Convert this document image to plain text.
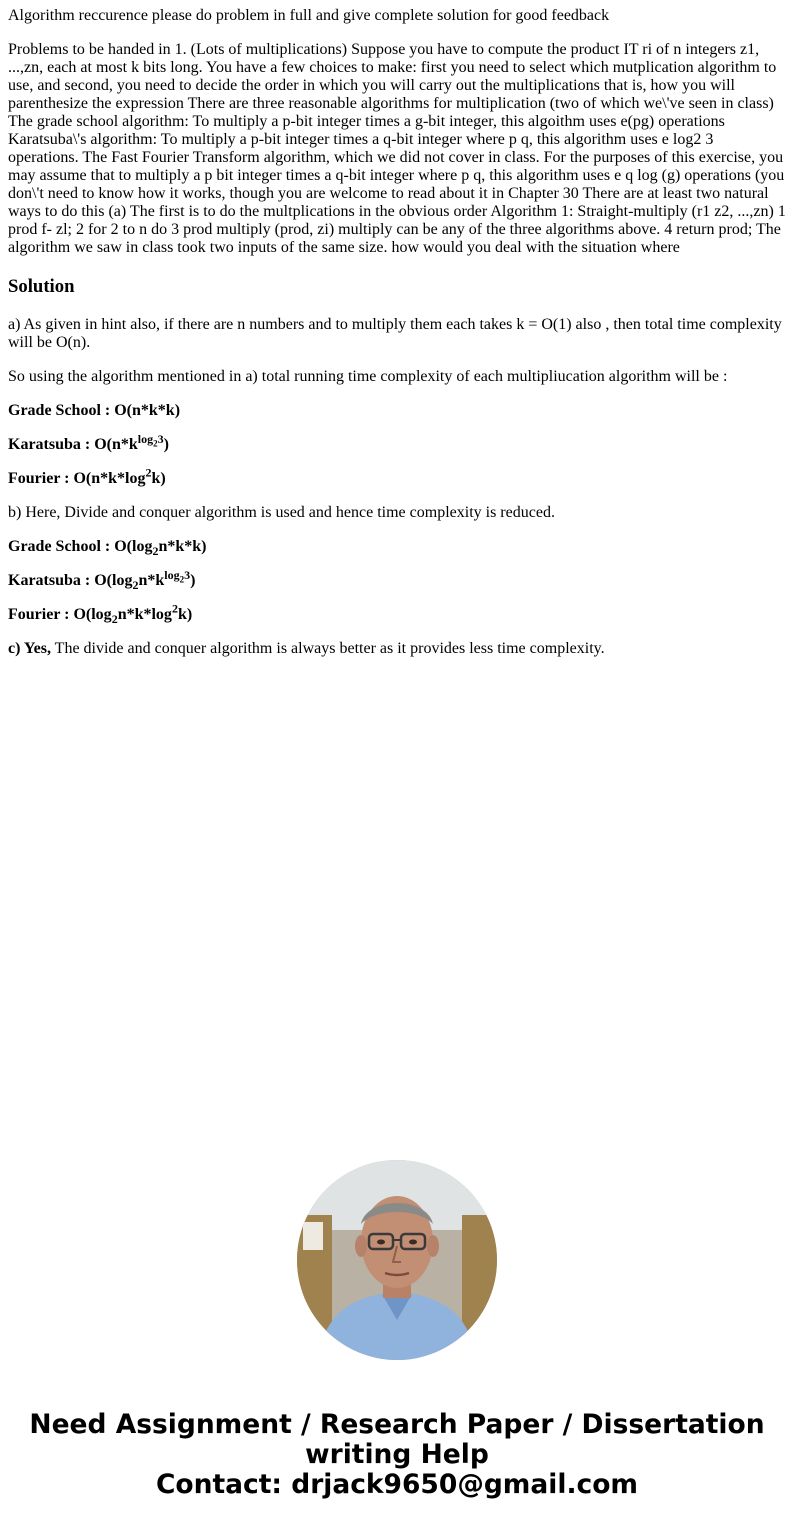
Algorithm reccurence please do problem in full and give complete solution for good feedback

Problems to be handed in 1. (Lots of multiplications) Suppose you have to compute the product IT ri of n integers z1, ...,zn, each at most k bits long. You have a few choices to make: first you need to select which mutplication algorithm to use, and second, you need to decide the order in which you will carry out the multiplications that is, how you will parenthesize the expression There are three reasonable algorithms for multiplication (two of which we\'ve seen in class) The grade school algorithm: To multiply a p-bit integer times a g-bit integer, this algoithm uses e(pg) operations Karatsuba\'s algorithm: To multiply a p-bit integer times a q-bit integer where p q, this algorithm uses e log2 3 operations. The Fast Fourier Transform algorithm, which we did not cover in class. For the purposes of this exercise, you may assume that to multiply a p bit integer times a q-bit integer where p q, this algorithm uses e q log (g) operations (you don\'t need to know how it works, though you are welcome to read about it in Chapter 30 There are at least two natural ways to do this (a) The first is to do the multplications in the obvious order Algorithm 1: Straight-multiply (r1 z2, ...,zn) 1 prod f- zl; 2 for 2 to n do 3 prod multiply (prod, zi) multiply can be any of the three algorithms above. 4 return prod; The algorithm we saw in class took two inputs of the same size. how would you deal with the situation where

Solution

a) As given in hint also, if there are n numbers and to multiply them each takes k = O(1) also , then total time complexity will be O(n).

So using the algorithm mentioned in a) total running time complexity of each multipliucation algorithm will be :

Grade School : O(n*k*k)

Karatsuba : $O(n*k^{log_23})$

Fourier : $O(n*k*\log^2k)$

b) Here, Divide and conquer algorithm is used and hence time complexity is reduced.

Grade School : $O(\log_2n*k*k)$

Karatsuba : $O(\log_2n*k^{log_23})$

Fourier : $O(\log_2n*k*\log^2k)$

c) Yes, The divide and conquer algorithm is always better as it provides less time complexity.

Need Assignment / Research Paper / Dissertation
writing Help
Contact: drjack9650@gmail.com
